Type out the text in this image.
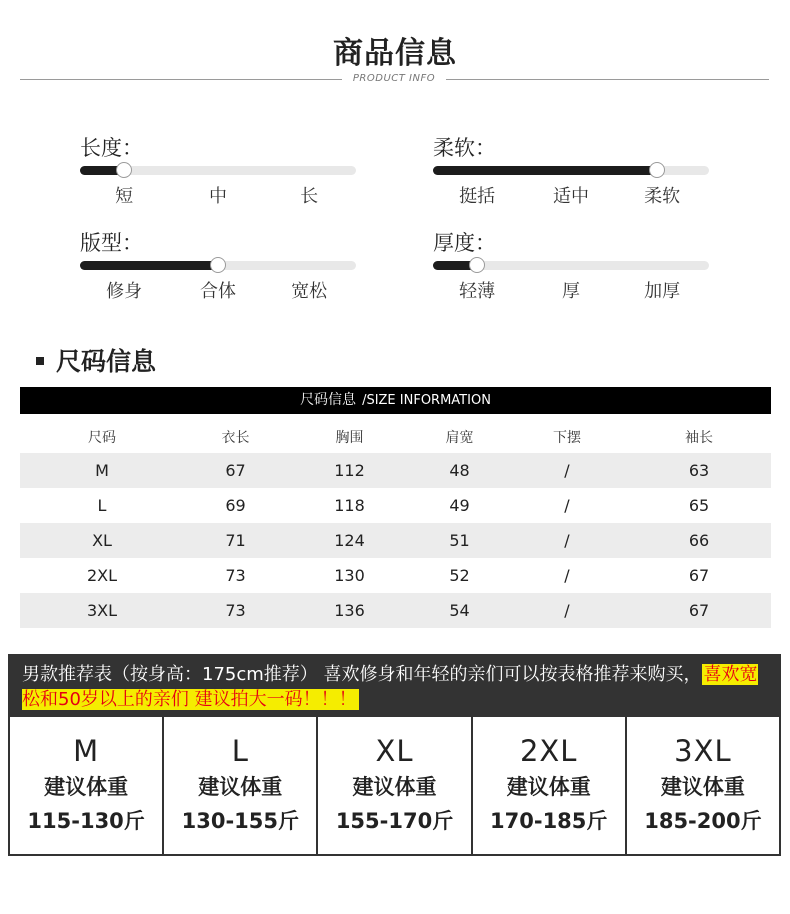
商品信息
PRODUCT INFO
长度：
短	中	长
柔软：
挺括	适中	柔软
版型：
修身	合体	宽松
厚度：
轻薄	厚	加厚
尺码信息
尺码信息 /SIZE INFORMATION
尺码	衣长	胸围	肩宽	下摆	袖长
M	67	112	48	/	63
L	69	118	49	/	65
XL	71	124	51	/	66
2XL	73	130	52	/	67
3XL	73	136	54	/	67
男款推荐表（按身高：175cm推荐） 喜欢修身和年轻的亲们可以按表格推荐来购买， 喜欢宽松和50岁以上的亲们 建议拍大一码！！！
M
建议体重
115-130斤
L
建议体重
130-155斤
XL
建议体重
155-170斤
2XL
建议体重
170-185斤
3XL
建议体重
185-200斤
